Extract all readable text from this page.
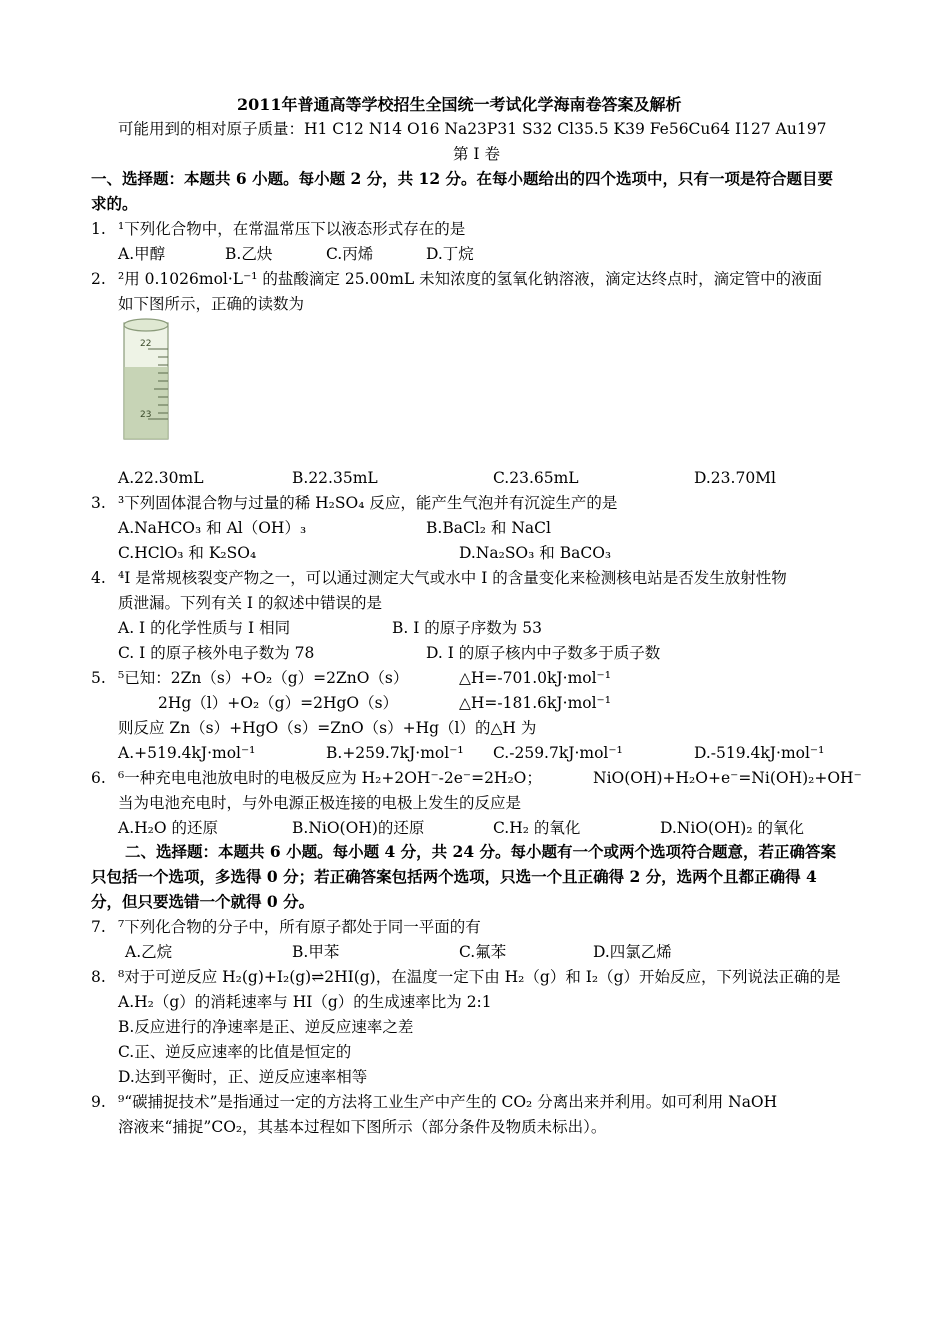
2011年普通高等学校招生全国统一考试化学海南卷答案及解析
可能用到的相对原子质量：H1 C12 N14 O16 Na23P31 S32 Cl35.5 K39 Fe56Cu64 I127 Au197
第 I 卷
一、选择题：本题共 6 小题。每小题 2 分，共 12 分。在每小题给出的四个选项中，只有一项是符合题目要
求的。
1. ¹下列化合物中，在常温常压下以液态形式存在的是
A.甲醇	B.乙炔	C.丙烯	D.丁烷
2. ²用 0.1026mol·L⁻¹ 的盐酸滴定 25.00mL 未知浓度的氢氧化钠溶液，滴定达终点时，滴定管中的液面
如下图所示，正确的读数为
22
23
A.22.30mL	B.22.35mL	C.23.65mL	D.23.70Ml
3. ³下列固体混合物与过量的稀 H₂SO₄ 反应，能产生气泡并有沉淀生产的是
A.NaHCO₃ 和 Al（OH）₃	B.BaCl₂ 和 NaCl
C.HClO₃ 和 K₂SO₄	D.Na₂SO₃ 和 BaCO₃
4. ⁴I 是常规核裂变产物之一，可以通过测定大气或水中 I 的含量变化来检测核电站是否发生放射性物
质泄漏。下列有关 I 的叙述中错误的是
A. I 的化学性质与 I 相同	B. I 的原子序数为 53
C. I 的原子核外电子数为 78	D. I 的原子核内中子数多于质子数
5. ⁵已知：2Zn（s）+O₂（g）=2ZnO（s）	△H=-701.0kJ·mol⁻¹
2Hg（l）+O₂（g）=2HgO（s）	△H=-181.6kJ·mol⁻¹
则反应 Zn（s）+HgO（s）=ZnO（s）+Hg（l）的△H 为
A.+519.4kJ·mol⁻¹	B.+259.7kJ·mol⁻¹ C.-259.7kJ·mol⁻¹	D.-519.4kJ·mol⁻¹
6. ⁶一种充电电池放电时的电极反应为 H₂+2OH⁻-2e⁻=2H₂O；	NiO(OH)+H₂O+e⁻=Ni(OH)₂+OH⁻
当为电池充电时，与外电源正极连接的电极上发生的反应是
A.H₂O 的还原	B.NiO(OH)的还原	C.H₂ 的氧化	D.NiO(OH)₂ 的氧化
二、选择题：本题共 6 小题。每小题 4 分，共 24 分。每小题有一个或两个选项符合题意，若正确答案
只包括一个选项，多选得 0 分；若正确答案包括两个选项，只选一个且正确得 2 分，选两个且都正确得 4
分，但只要选错一个就得 0 分。
7. ⁷下列化合物的分子中，所有原子都处于同一平面的有
A.乙烷	B.甲苯	C.氟苯	D.四氯乙烯
8. ⁸对于可逆反应 H₂(g)+I₂(g)⇌2HI(g)，在温度一定下由 H₂（g）和 I₂（g）开始反应，下列说法正确的是
A.H₂（g）的消耗速率与 HI（g）的生成速率比为 2:1
B.反应进行的净速率是正、逆反应速率之差
C.正、逆反应速率的比值是恒定的
D.达到平衡时，正、逆反应速率相等
9. ⁹“碳捕捉技术”是指通过一定的方法将工业生产中产生的 CO₂ 分离出来并利用。如可利用 NaOH
溶液来“捕捉”CO₂，其基本过程如下图所示（部分条件及物质未标出）。
